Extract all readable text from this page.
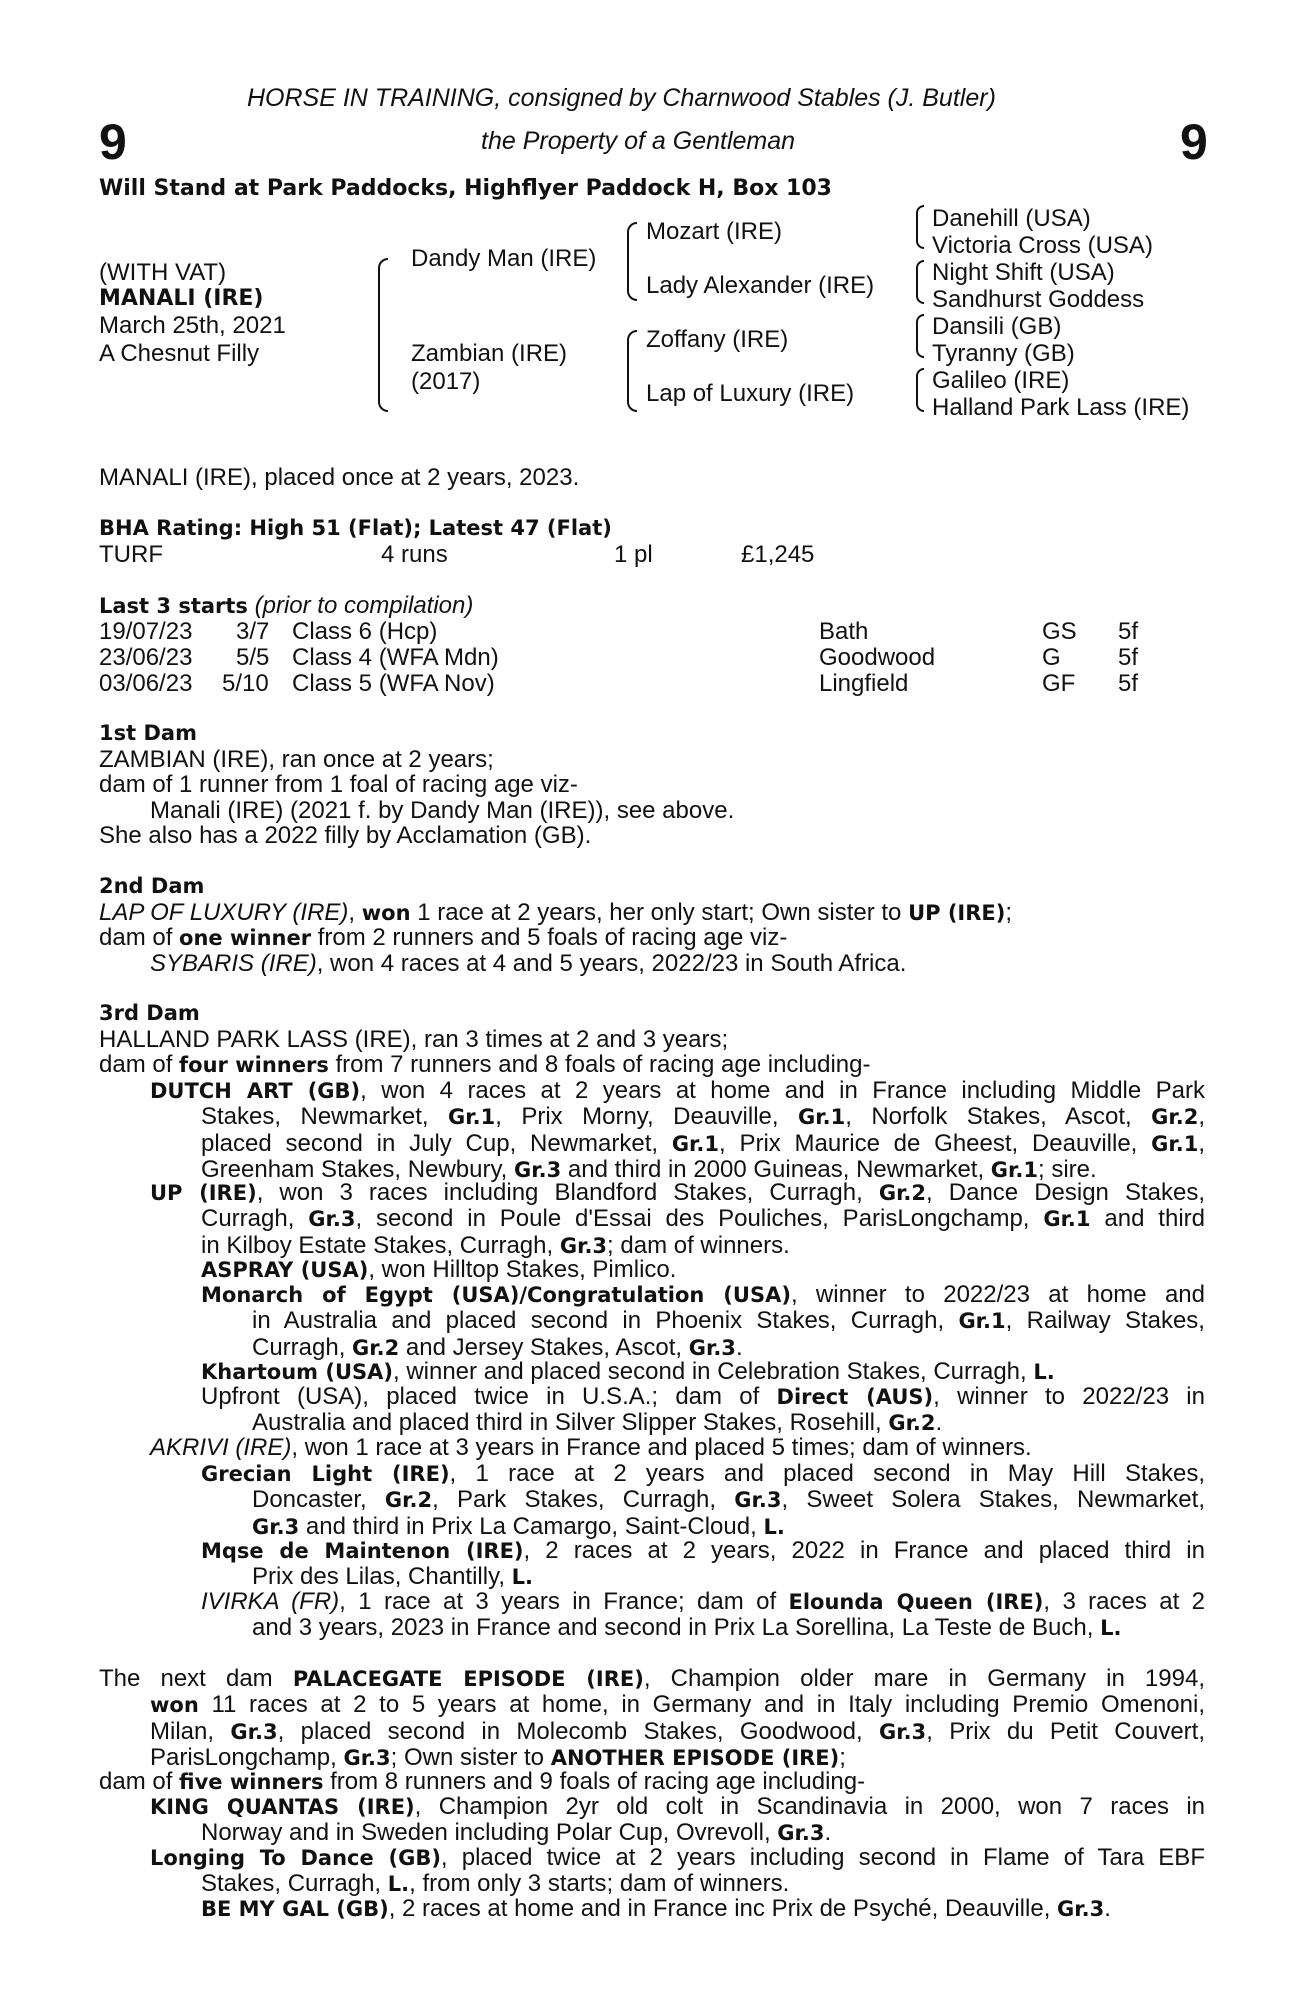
9	9
HORSE IN TRAINING, consigned by Charnwood Stables (J. Butler)
the Property of a Gentleman
Will Stand at Park Paddocks, Highflyer Paddock H, Box 103
(WITH VAT)
MANALI (IRE)
March 25th, 2021
A Chesnut Filly
Dandy Man (IRE)
Zambian (IRE)
(2017)
Mozart (IRE)
Lady Alexander (IRE)
Zoffany (IRE)
Lap of Luxury (IRE)
Danehill (USA)
Victoria Cross (USA)
Night Shift (USA)
Sandhurst Goddess
Dansili (GB)
Tyranny (GB)
Galileo (IRE)
Halland Park Lass (IRE)
MANALI (IRE), placed once at 2 years, 2023.
BHA Rating: High 51 (Flat); Latest 47 (Flat)
TURF	4 runs	1 pl	£1,245
Last 3 starts (prior to compilation)
19/07/23 3/7 Class 6 (Hcp)	Bath	GS 5f
23/06/23 5/5 Class 4 (WFA Mdn)	Goodwood	G 5f
03/06/23 5/10 Class 5 (WFA Nov)	Lingfield	GF 5f
1st Dam
ZAMBIAN (IRE), ran once at 2 years;
dam of 1 runner from 1 foal of racing age viz-
Manali (IRE) (2021 f. by Dandy Man (IRE)), see above.
She also has a 2022 filly by Acclamation (GB).
2nd Dam
LAP OF LUXURY (IRE), won 1 race at 2 years, her only start; Own sister to UP (IRE);
dam of one winner from 2 runners and 5 foals of racing age viz-
SYBARIS (IRE), won 4 races at 4 and 5 years, 2022/23 in South Africa.
3rd Dam
HALLAND PARK LASS (IRE), ran 3 times at 2 and 3 years;
dam of four winners from 7 runners and 8 foals of racing age including-
DUTCH ART (GB), won 4 races at 2 years at home and in France including Middle Park
Stakes, Newmarket, Gr.1, Prix Morny, Deauville, Gr.1, Norfolk Stakes, Ascot, Gr.2,
placed second in July Cup, Newmarket, Gr.1, Prix Maurice de Gheest, Deauville, Gr.1,
Greenham Stakes, Newbury, Gr.3 and third in 2000 Guineas, Newmarket, Gr.1; sire.
UP (IRE), won 3 races including Blandford Stakes, Curragh, Gr.2, Dance Design Stakes,
Curragh, Gr.3, second in Poule d'Essai des Pouliches, ParisLongchamp, Gr.1 and third
in Kilboy Estate Stakes, Curragh, Gr.3; dam of winners.
ASPRAY (USA), won Hilltop Stakes, Pimlico.
Monarch of Egypt (USA)/Congratulation (USA), winner to 2022/23 at home and
in Australia and placed second in Phoenix Stakes, Curragh, Gr.1, Railway Stakes,
Curragh, Gr.2 and Jersey Stakes, Ascot, Gr.3.
Khartoum (USA), winner and placed second in Celebration Stakes, Curragh, L.
Upfront (USA), placed twice in U.S.A.; dam of Direct (AUS), winner to 2022/23 in
Australia and placed third in Silver Slipper Stakes, Rosehill, Gr.2.
AKRIVI (IRE), won 1 race at 3 years in France and placed 5 times; dam of winners.
Grecian Light (IRE), 1 race at 2 years and placed second in May Hill Stakes,
Doncaster, Gr.2, Park Stakes, Curragh, Gr.3, Sweet Solera Stakes, Newmarket,
Gr.3 and third in Prix La Camargo, Saint-Cloud, L.
Mqse de Maintenon (IRE), 2 races at 2 years, 2022 in France and placed third in
Prix des Lilas, Chantilly, L.
IVIRKA (FR), 1 race at 3 years in France; dam of Elounda Queen (IRE), 3 races at 2
and 3 years, 2023 in France and second in Prix La Sorellina, La Teste de Buch, L.
The next dam PALACEGATE EPISODE (IRE), Champion older mare in Germany in 1994,
won 11 races at 2 to 5 years at home, in Germany and in Italy including Premio Omenoni,
Milan, Gr.3, placed second in Molecomb Stakes, Goodwood, Gr.3, Prix du Petit Couvert,
ParisLongchamp, Gr.3; Own sister to ANOTHER EPISODE (IRE);
dam of five winners from 8 runners and 9 foals of racing age including-
KING QUANTAS (IRE), Champion 2yr old colt in Scandinavia in 2000, won 7 races in
Norway and in Sweden including Polar Cup, Ovrevoll, Gr.3.
Longing To Dance (GB), placed twice at 2 years including second in Flame of Tara EBF
Stakes, Curragh, L., from only 3 starts; dam of winners.
BE MY GAL (GB), 2 races at home and in France inc Prix de Psyché, Deauville, Gr.3.
